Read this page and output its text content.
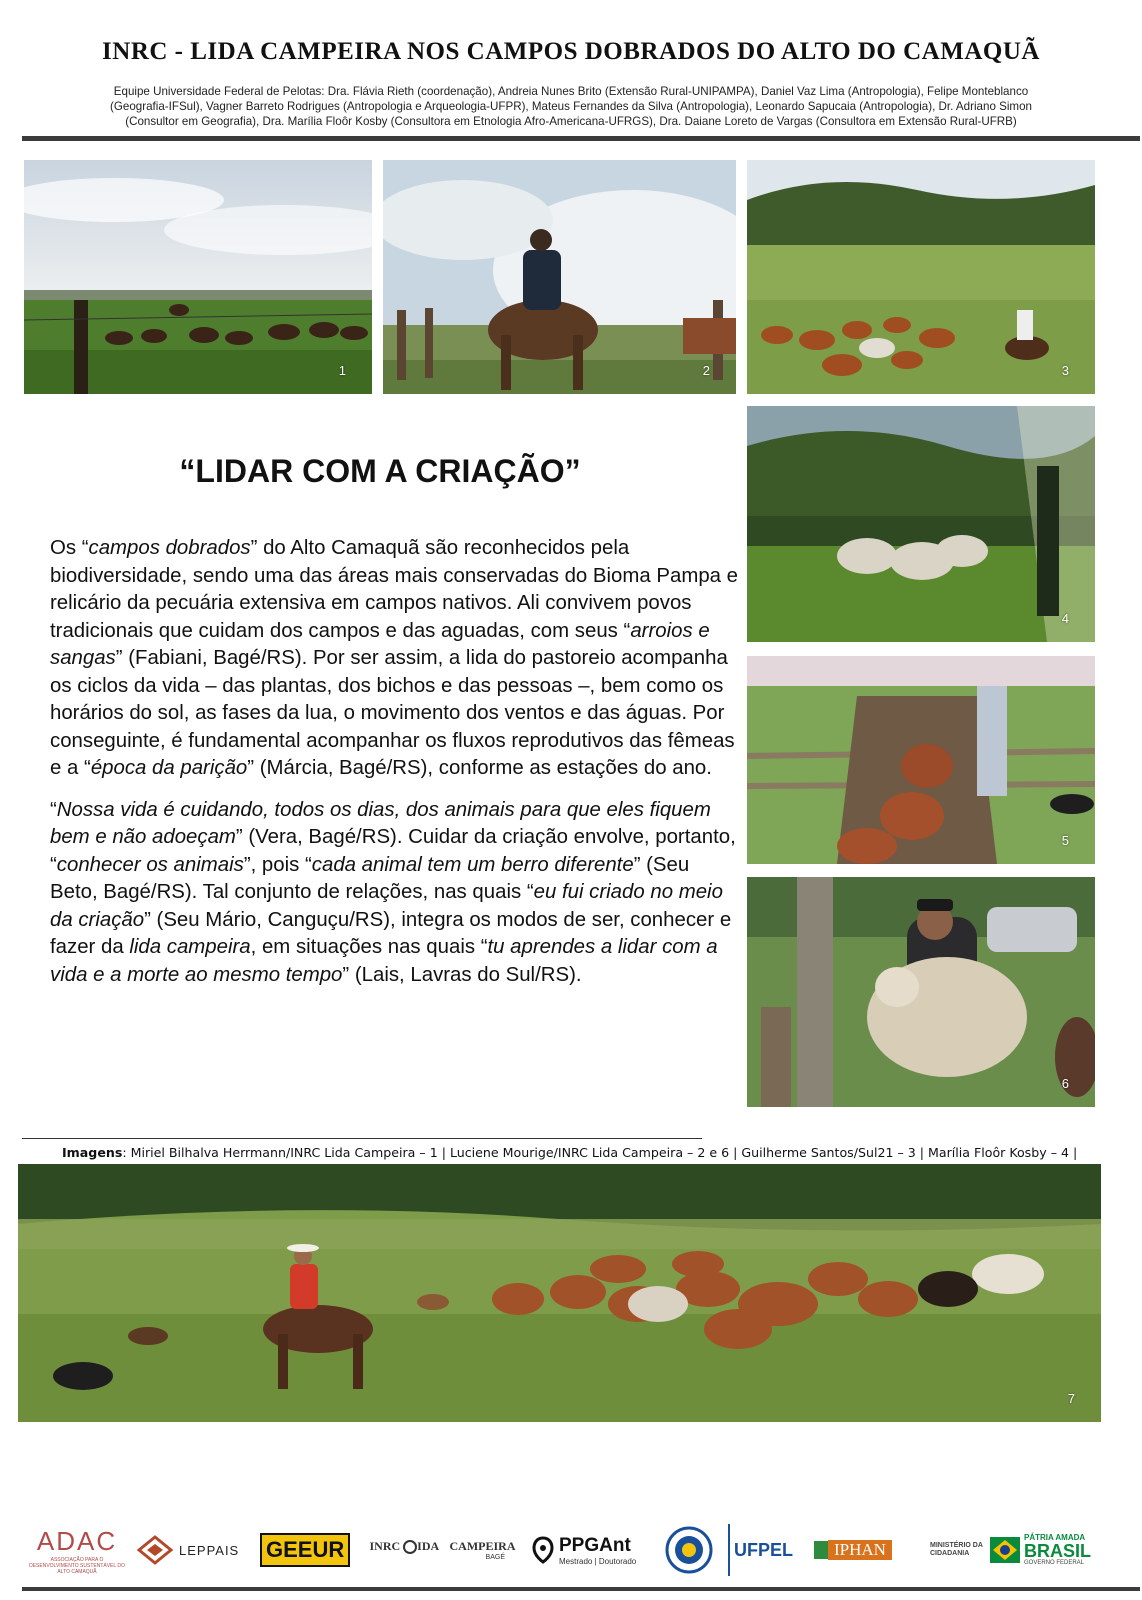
INRC - LIDA CAMPEIRA NOS CAMPOS DOBRADOS DO ALTO DO CAMAQUÃ
Equipe Universidade Federal de Pelotas: Dra. Flávia Rieth (coordenação), Andreia Nunes Brito (Extensão Rural-UNIPAMPA), Daniel Vaz Lima (Antropologia), Felipe Monteblanco
(Geografia-IFSul), Vagner Barreto Rodrigues (Antropologia e Arqueologia-UFPR), Mateus Fernandes da Silva (Antropologia), Leonardo Sapucaia (Antropologia), Dr. Adriano Simon
(Consultor em Geografia), Dra. Marília Floôr Kosby (Consultora em Etnologia Afro-Americana-UFRGS), Dra. Daiane Loreto de Vargas (Consultora em Extensão Rural-UFRB)
1	2	3
“LIDAR COM A CRIAÇÃO”

Os “campos dobrados” do Alto Camaquã são reconhecidos pela biodiversidade, sendo uma das áreas mais conservadas do Bioma Pampa e relicário da pecuária extensiva em campos nativos. Ali convivem povos tradicionais que cuidam dos campos e das aguadas, com seus “arroios e sangas” (Fabiani, Bagé/RS). Por ser assim, a lida do pastoreio acompanha os ciclos da vida – das plantas, dos bichos e das pessoas –, bem como os horários do sol, as fases da lua, o movimento dos ventos e das águas. Por conseguinte, é fundamental acompanhar os fluxos reprodutivos das fêmeas e a “época da parição” (Márcia, Bagé/RS), conforme as estações do ano.

“Nossa vida é cuidando, todos os dias, dos animais para que eles fiquem bem e não adoeçam” (Vera, Bagé/RS). Cuidar da criação envolve, portanto, “conhecer os animais”, pois “cada animal tem um berro diferente” (Seu Beto, Bagé/RS). Tal conjunto de relações, nas quais “eu fui criado no meio da criação” (Seu Mário, Canguçu/RS), integra os modos de ser, conhecer e fazer da lida campeira, em situações nas quais “tu aprendes a lidar com a vida e a morte ao mesmo tempo” (Lais, Lavras do Sul/RS).

4
5
6
Imagens: Miriel Bilhalva Herrmann/INRC Lida Campeira – 1 | Luciene Mourige/INRC Lida Campeira – 2 e 6 | Guilherme Santos/Sul21 – 3 | Marília Floôr Kosby – 4 |
7
ADAC
ASSOCIAÇÃO PARA O DESENVOLVIMENTO SUSTENTÁVEL DO ALTO CAMAQUÃ
LEPPAIS GEEUR	INRC IDA CAMPEIRA
BAGÉ
PPGAnt
Mestrado | Doutorado
UFPEL	IPHAN	MINISTÉRIO DA CIDADANIA
PÁTRIA AMADA
BRASIL
GOVERNO FEDERAL
